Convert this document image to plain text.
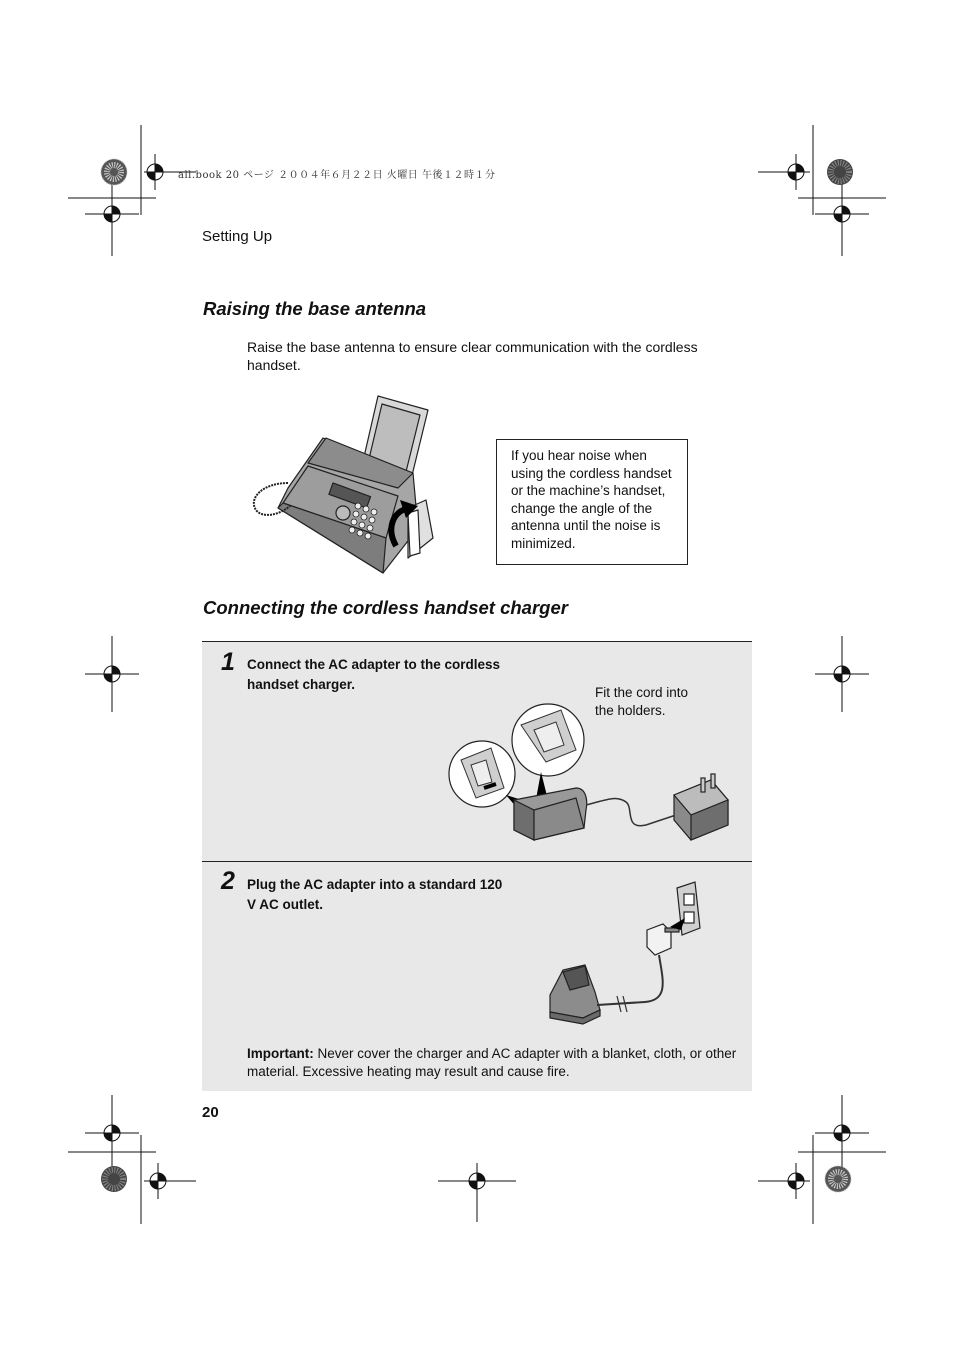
all.book 20 ページ ２００４年６月２２日 火曜日 午後１２時１分
Setting Up
Raising the base antenna
Raise the base antenna to ensure clear communication with the cordless handset.
If you hear noise when using the cordless handset or the machine’s handset, change the angle of the antenna until the noise is minimized.
Connecting the cordless handset charger
1 Connect the AC adapter to the cordless handset charger.
Fit the cord into the holders.
2 Plug the AC adapter into a standard 120 V AC outlet.
Important: Never cover the charger and AC adapter with a blanket, cloth, or other material. Excessive heating may result and cause fire.
20
